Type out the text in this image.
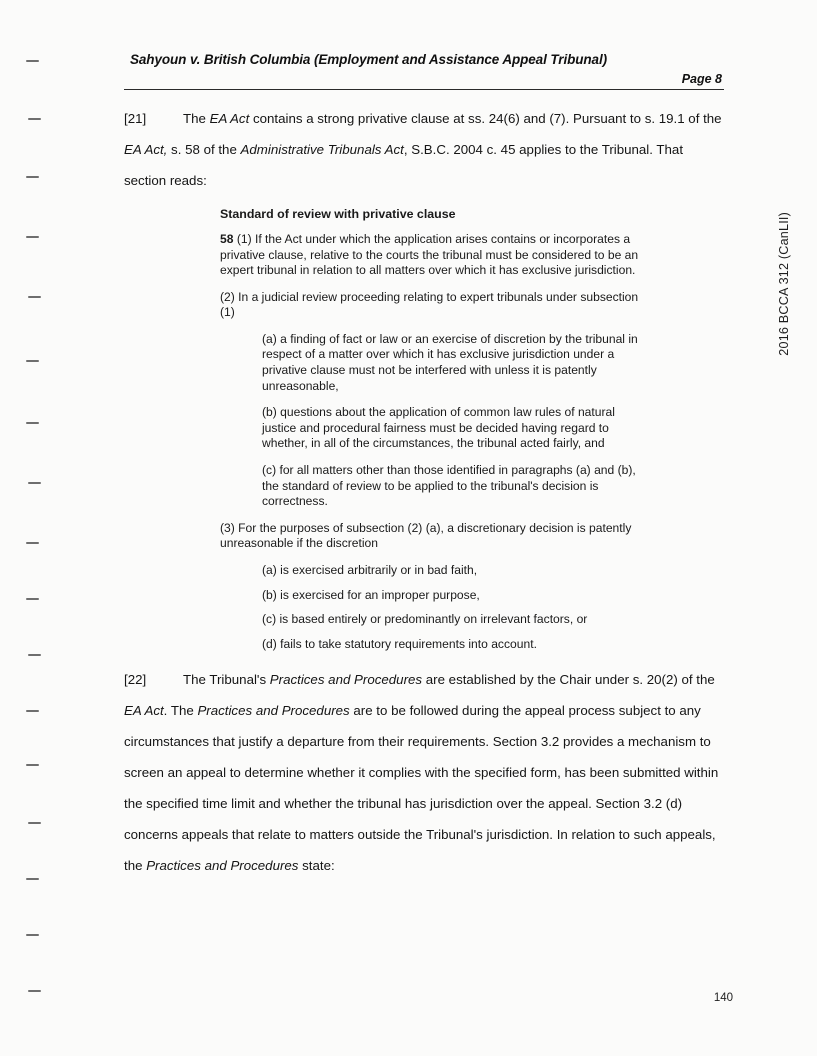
Sahyoun v. British Columbia (Employment and Assistance Appeal Tribunal)
Page 8

[21]	The EA Act contains a strong privative clause at ss. 24(6) and (7). Pursuant to s. 19.1 of the EA Act, s. 58 of the Administrative Tribunals Act, S.B.C. 2004 c. 45 applies to the Tribunal. That section reads:

Standard of review with privative clause
58 (1) If the Act under which the application arises contains or incorporates a privative clause, relative to the courts the tribunal must be considered to be an expert tribunal in relation to all matters over which it has exclusive jurisdiction.
(2) In a judicial review proceeding relating to expert tribunals under subsection (1)
(a) a finding of fact or law or an exercise of discretion by the tribunal in respect of a matter over which it has exclusive jurisdiction under a privative clause must not be interfered with unless it is patently unreasonable,
(b) questions about the application of common law rules of natural justice and procedural fairness must be decided having regard to whether, in all of the circumstances, the tribunal acted fairly, and
(c) for all matters other than those identified in paragraphs (a) and (b), the standard of review to be applied to the tribunal's decision is correctness.
(3) For the purposes of subsection (2) (a), a discretionary decision is patently unreasonable if the discretion
(a) is exercised arbitrarily or in bad faith,
(b) is exercised for an improper purpose,
(c) is based entirely or predominantly on irrelevant factors, or
(d) fails to take statutory requirements into account.

[22]	The Tribunal's Practices and Procedures are established by the Chair under s. 20(2) of the EA Act. The Practices and Procedures are to be followed during the appeal process subject to any circumstances that justify a departure from their requirements. Section 3.2 provides a mechanism to screen an appeal to determine whether it complies with the specified form, has been submitted within the specified time limit and whether the tribunal has jurisdiction over the appeal. Section 3.2 (d) concerns appeals that relate to matters outside the Tribunal's jurisdiction. In relation to such appeals, the Practices and Procedures state:

2016 BCCA 312 (CanLII)
140
